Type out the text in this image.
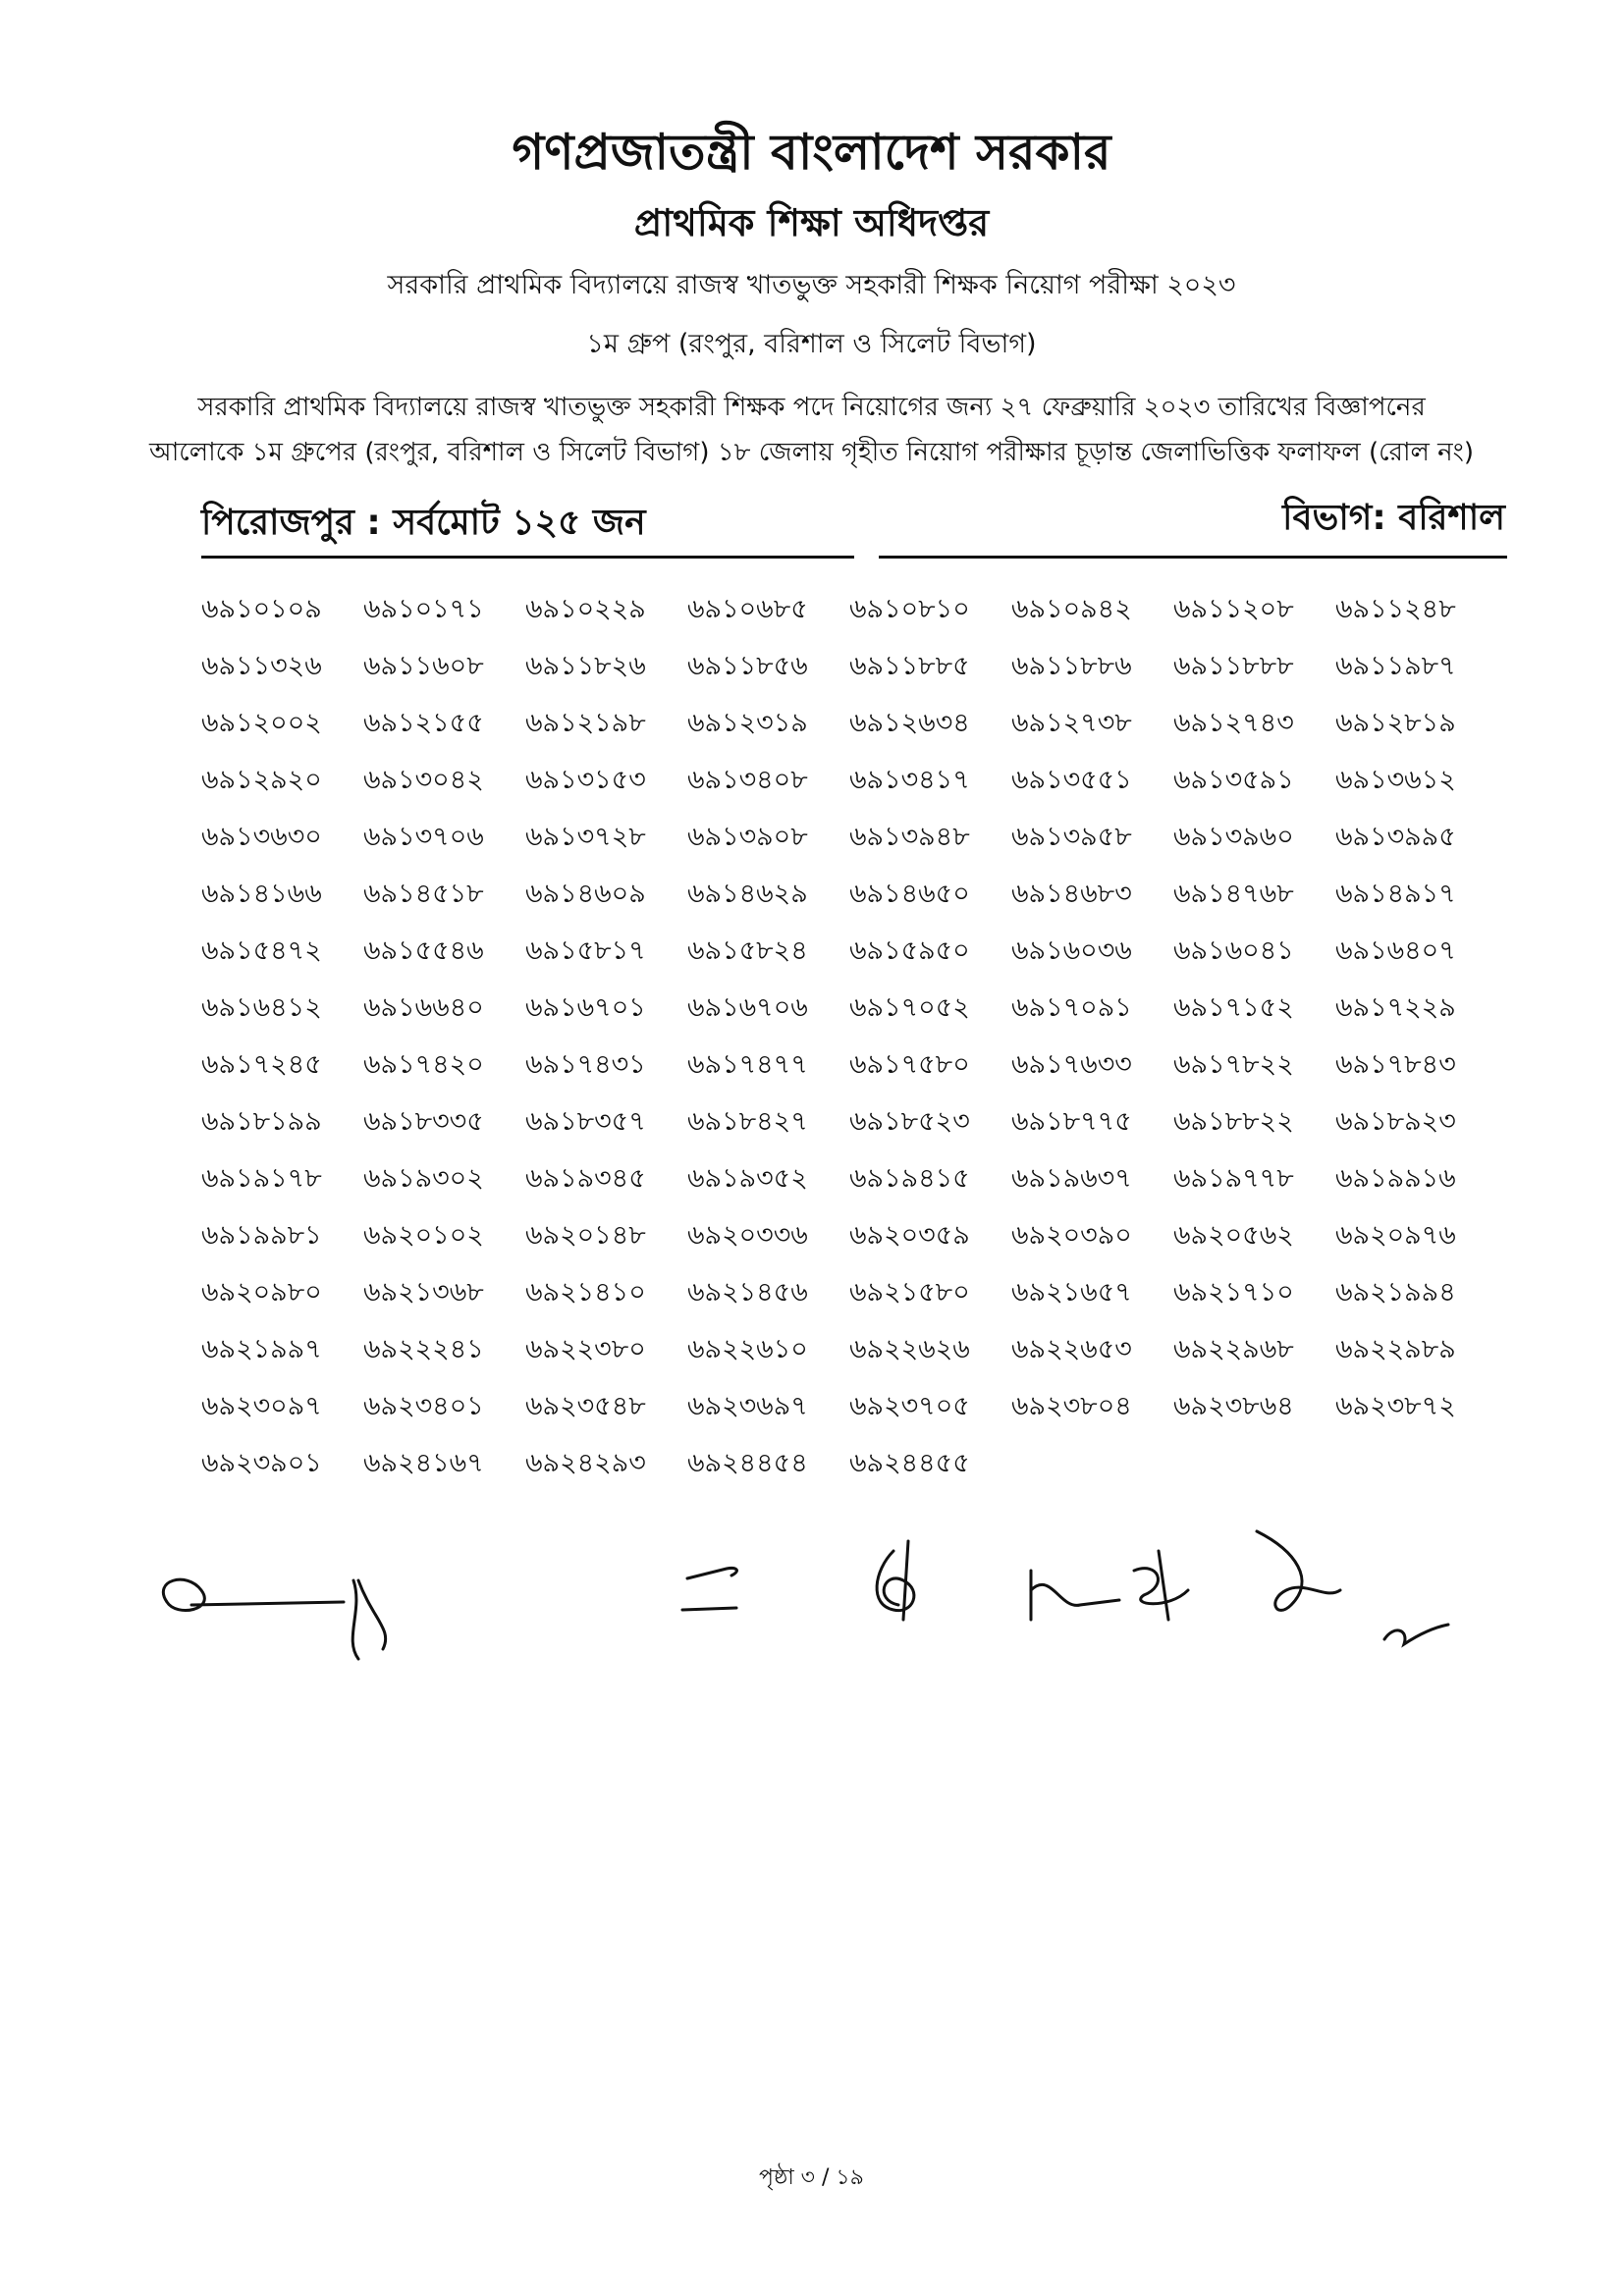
গণপ্রজাতন্ত্রী বাংলাদেশ সরকার
প্রাথমিক শিক্ষা অধিদপ্তর
সরকারি প্রাথমিক বিদ্যালয়ে রাজস্ব খাতভুক্ত সহকারী শিক্ষক নিয়োগ পরীক্ষা ২০২৩
১ম গ্রুপ (রংপুর, বরিশাল ও সিলেট বিভাগ)
সরকারি প্রাথমিক বিদ্যালয়ে রাজস্ব খাতভুক্ত সহকারী শিক্ষক পদে নিয়োগের জন্য ২৭ ফেব্রুয়ারি ২০২৩ তারিখের বিজ্ঞাপনের
আলোকে ১ম গ্রুপের (রংপুর, বরিশাল ও সিলেট বিভাগ) ১৮ জেলায় গৃহীত নিয়োগ পরীক্ষার চূড়ান্ত জেলাভিত্তিক ফলাফল (রোল নং)
পিরোজপুর : সর্বমোট ১২৫ জন	বিভাগ: বরিশাল
৬৯১০১০৯	৬৯১০১৭১	৬৯১০২২৯	৬৯১০৬৮৫	৬৯১০৮১০	৬৯১০৯৪২	৬৯১১২০৮	৬৯১১২৪৮
৬৯১১৩২৬	৬৯১১৬০৮	৬৯১১৮২৬	৬৯১১৮৫৬	৬৯১১৮৮৫	৬৯১১৮৮৬	৬৯১১৮৮৮	৬৯১১৯৮৭
৬৯১২০০২	৬৯১২১৫৫	৬৯১২১৯৮	৬৯১২৩১৯	৬৯১২৬৩৪	৬৯১২৭৩৮	৬৯১২৭৪৩	৬৯১২৮১৯
৬৯১২৯২০	৬৯১৩০৪২	৬৯১৩১৫৩	৬৯১৩৪০৮	৬৯১৩৪১৭	৬৯১৩৫৫১	৬৯১৩৫৯১	৬৯১৩৬১২
৬৯১৩৬৩০	৬৯১৩৭০৬	৬৯১৩৭২৮	৬৯১৩৯০৮	৬৯১৩৯৪৮	৬৯১৩৯৫৮	৬৯১৩৯৬০	৬৯১৩৯৯৫
৬৯১৪১৬৬	৬৯১৪৫১৮	৬৯১৪৬০৯	৬৯১৪৬২৯	৬৯১৪৬৫০	৬৯১৪৬৮৩	৬৯১৪৭৬৮	৬৯১৪৯১৭
৬৯১৫৪৭২	৬৯১৫৫৪৬	৬৯১৫৮১৭	৬৯১৫৮২৪	৬৯১৫৯৫০	৬৯১৬০৩৬	৬৯১৬০৪১	৬৯১৬৪০৭
৬৯১৬৪১২	৬৯১৬৬৪০	৬৯১৬৭০১	৬৯১৬৭০৬	৬৯১৭০৫২	৬৯১৭০৯১	৬৯১৭১৫২	৬৯১৭২২৯
৬৯১৭২৪৫	৬৯১৭৪২০	৬৯১৭৪৩১	৬৯১৭৪৭৭	৬৯১৭৫৮০	৬৯১৭৬৩৩	৬৯১৭৮২২	৬৯১৭৮৪৩
৬৯১৮১৯৯	৬৯১৮৩৩৫	৬৯১৮৩৫৭	৬৯১৮৪২৭	৬৯১৮৫২৩	৬৯১৮৭৭৫	৬৯১৮৮২২	৬৯১৮৯২৩
৬৯১৯১৭৮	৬৯১৯৩০২	৬৯১৯৩৪৫	৬৯১৯৩৫২	৬৯১৯৪১৫	৬৯১৯৬৩৭	৬৯১৯৭৭৮	৬৯১৯৯১৬
৬৯১৯৯৮১	৬৯২০১০২	৬৯২০১৪৮	৬৯২০৩৩৬	৬৯২০৩৫৯	৬৯২০৩৯০	৬৯২০৫৬২	৬৯২০৯৭৬
৬৯২০৯৮০	৬৯২১৩৬৮	৬৯২১৪১০	৬৯২১৪৫৬	৬৯২১৫৮০	৬৯২১৬৫৭	৬৯২১৭১০	৬৯২১৯৯৪
৬৯২১৯৯৭	৬৯২২২৪১	৬৯২২৩৮০	৬৯২২৬১০	৬৯২২৬২৬	৬৯২২৬৫৩	৬৯২২৯৬৮	৬৯২২৯৮৯
৬৯২৩০৯৭	৬৯২৩৪০১	৬৯২৩৫৪৮	৬৯২৩৬৯৭	৬৯২৩৭০৫	৬৯২৩৮০৪	৬৯২৩৮৬৪	৬৯২৩৮৭২
৬৯২৩৯০১	৬৯২৪১৬৭	৬৯২৪২৯৩	৬৯২৪৪৫৪	৬৯২৪৪৫৫
পৃষ্ঠা ৩ / ১৯
